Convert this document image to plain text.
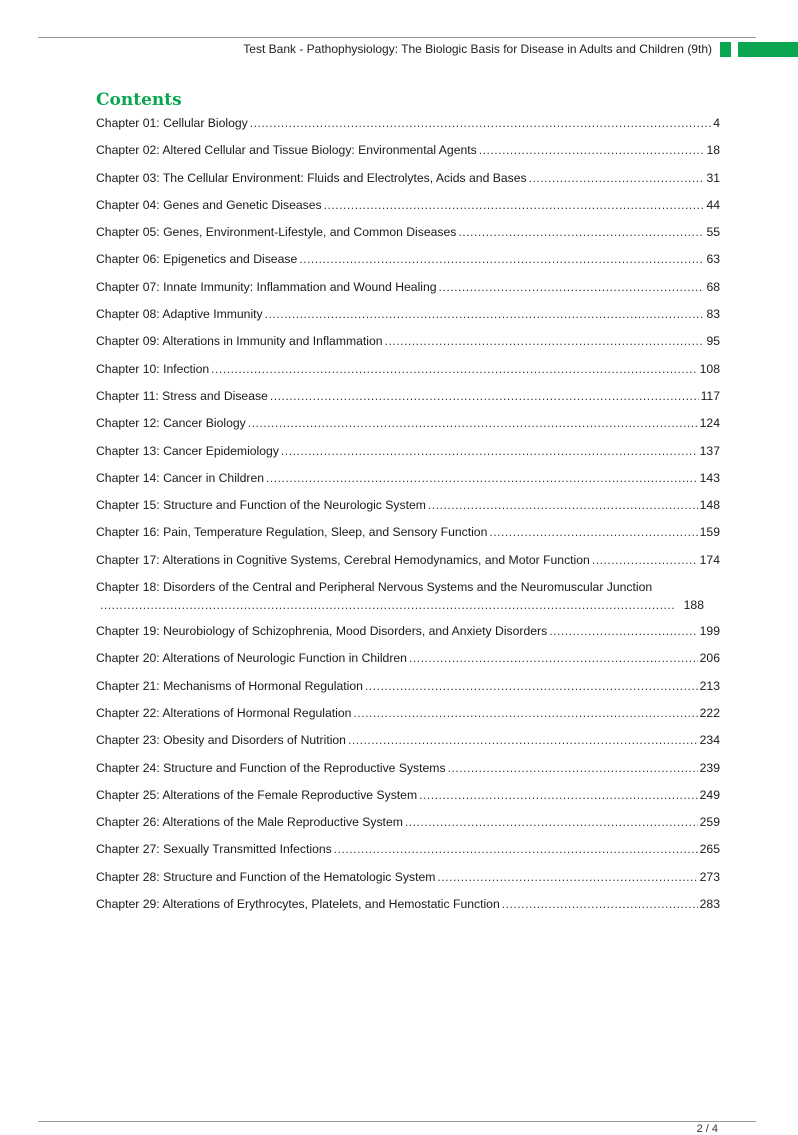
Test Bank - Pathophysiology: The Biologic Basis for Disease in Adults and Children (9th)
Contents
Chapter 01: Cellular Biology .....	4
Chapter 02: Altered Cellular and Tissue Biology: Environmental Agents .....	18
Chapter 03: The Cellular Environment: Fluids and Electrolytes, Acids and Bases .....	31
Chapter 04: Genes and Genetic Diseases .....	44
Chapter 05: Genes, Environment-Lifestyle, and Common Diseases .....	55
Chapter 06: Epigenetics and Disease .....	63
Chapter 07: Innate Immunity: Inflammation and Wound Healing .....	68
Chapter 08: Adaptive Immunity .....	83
Chapter 09: Alterations in Immunity and Inflammation .....	95
Chapter 10: Infection .....	108
Chapter 11: Stress and Disease .....	117
Chapter 12: Cancer Biology .....	124
Chapter 13: Cancer Epidemiology .....	137
Chapter 14: Cancer in Children .....	143
Chapter 15: Structure and Function of the Neurologic System .....	148
Chapter 16: Pain, Temperature Regulation, Sleep, and Sensory Function .....	159
Chapter 17: Alterations in Cognitive Systems, Cerebral Hemodynamics, and Motor Function .....	174
Chapter 18: Disorders of the Central and Peripheral Nervous Systems and the Neuromuscular Junction
.....
188
Chapter 19: Neurobiology of Schizophrenia, Mood Disorders, and Anxiety Disorders .....	199
Chapter 20: Alterations of Neurologic Function in Children .....	206
Chapter 21: Mechanisms of Hormonal Regulation .....	213
Chapter 22: Alterations of Hormonal Regulation .....	222
Chapter 23: Obesity and Disorders of Nutrition .....	234
Chapter 24: Structure and Function of the Reproductive Systems .....	239
Chapter 25: Alterations of the Female Reproductive System .....	249
Chapter 26: Alterations of the Male Reproductive System .....	259
Chapter 27: Sexually Transmitted Infections .....	265
Chapter 28: Structure and Function of the Hematologic System .....	273
Chapter 29: Alterations of Erythrocytes, Platelets, and Hemostatic Function .....	283
2 / 4
